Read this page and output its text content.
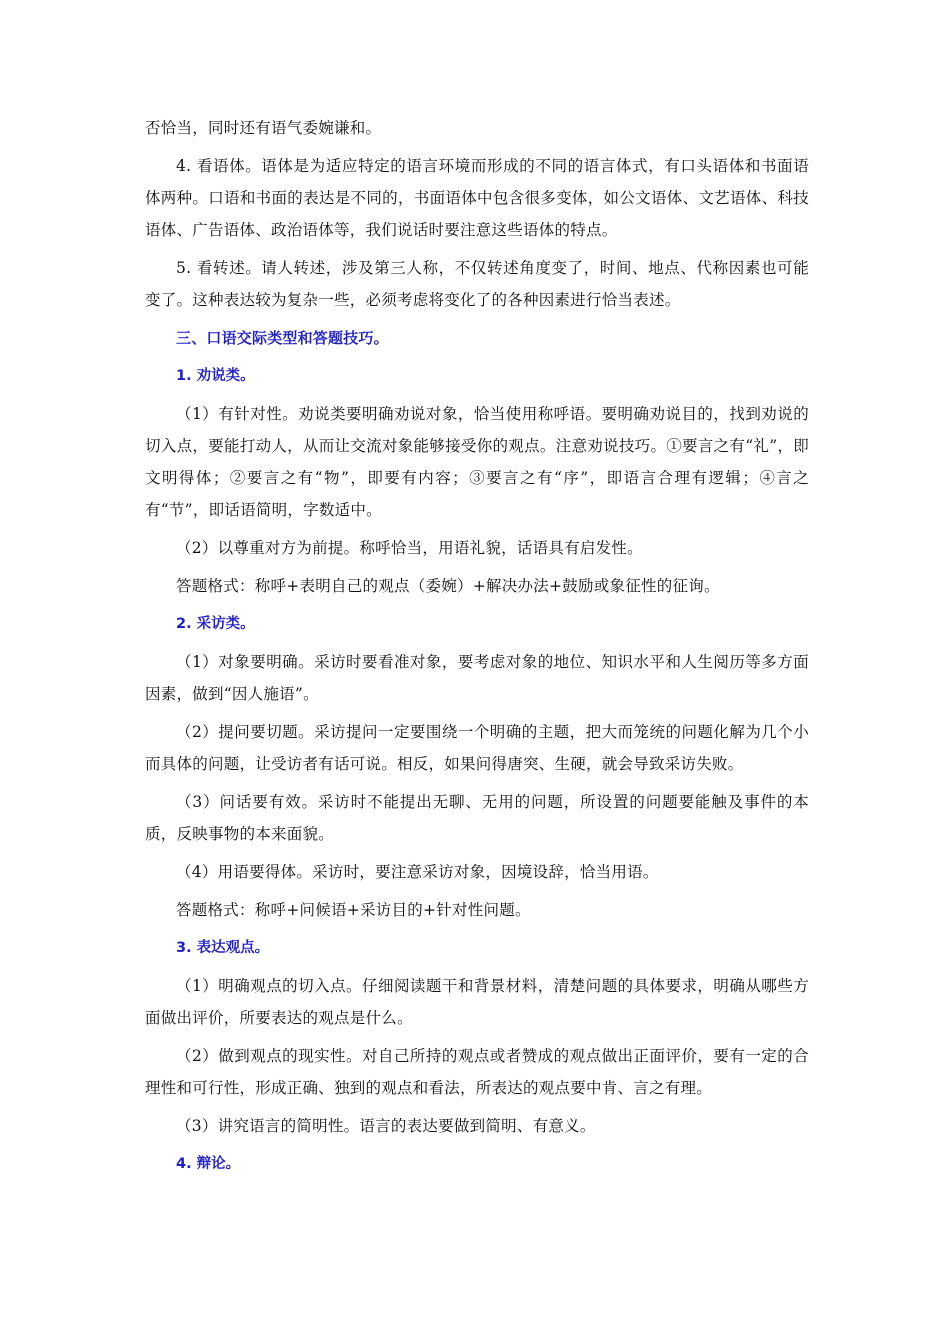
否恰当，同时还有语气委婉谦和。

4. 看语体。语体是为适应特定的语言环境而形成的不同的语言体式，有口头语体和书面语体两种。口语和书面的表达是不同的，书面语体中包含很多变体，如公文语体、文艺语体、科技语体、广告语体、政治语体等，我们说话时要注意这些语体的特点。

5. 看转述。请人转述，涉及第三人称，不仅转述角度变了，时间、地点、代称因素也可能变了。这种表达较为复杂一些，必须考虑将变化了的各种因素进行恰当表述。

三、口语交际类型和答题技巧。
1. 劝说类。

（1）有针对性。劝说类要明确劝说对象，恰当使用称呼语。要明确劝说目的，找到劝说的切入点，要能打动人，从而让交流对象能够接受你的观点。注意劝说技巧。①要言之有“礼”，即文明得体；②要言之有“物”，即要有内容；③要言之有“序”，即语言合理有逻辑；④言之有“节”，即话语简明，字数适中。

（2）以尊重对方为前提。称呼恰当，用语礼貌，话语具有启发性。

答题格式：称呼+表明自己的观点（委婉）+解决办法+鼓励或象征性的征询。

2. 采访类。

（1）对象要明确。采访时要看准对象，要考虑对象的地位、知识水平和人生阅历等多方面因素，做到“因人施语”。

（2）提问要切题。采访提问一定要围绕一个明确的主题，把大而笼统的问题化解为几个小而具体的问题，让受访者有话可说。相反，如果问得唐突、生硬，就会导致采访失败。

（3）问话要有效。采访时不能提出无聊、无用的问题，所设置的问题要能触及事件的本质，反映事物的本来面貌。

（4）用语要得体。采访时，要注意采访对象，因境设辞，恰当用语。

答题格式：称呼+问候语+采访目的+针对性问题。

3. 表达观点。

（1）明确观点的切入点。仔细阅读题干和背景材料，清楚问题的具体要求，明确从哪些方面做出评价，所要表达的观点是什么。

（2）做到观点的现实性。对自己所持的观点或者赞成的观点做出正面评价，要有一定的合理性和可行性，形成正确、独到的观点和看法，所表达的观点要中肯、言之有理。

（3）讲究语言的简明性。语言的表达要做到简明、有意义。

4. 辩论。
